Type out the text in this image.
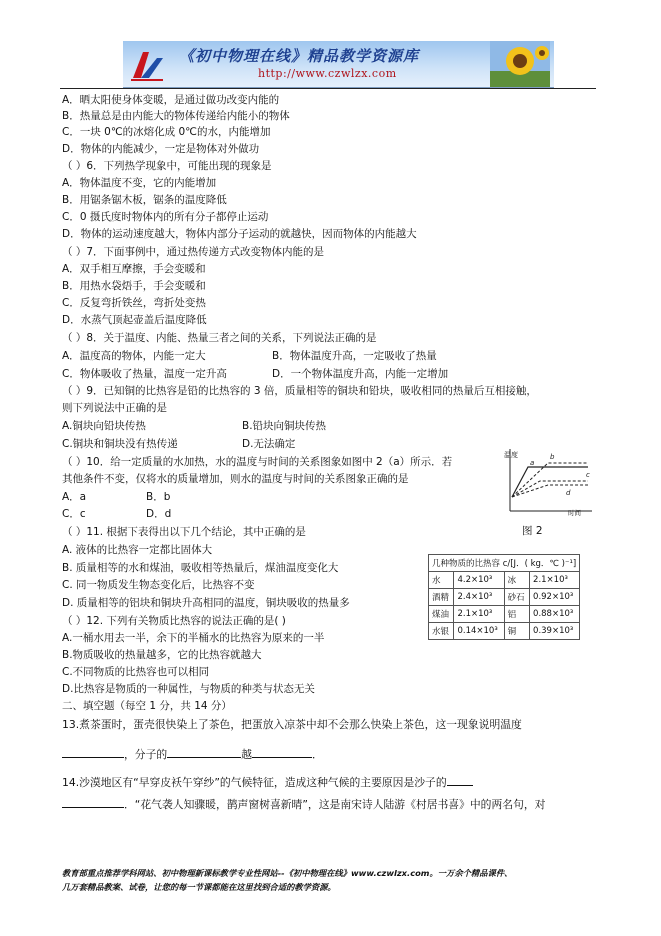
《初中物理在线》精品教学资源库
http://www.czwlzx.com
A．晒太阳使身体变暖，是通过做功改变内能的
B．热量总是由内能大的物体传递给内能小的物体
C．一块 0℃的冰熔化成 0℃的水，内能增加
D．物体的内能减少，一定是物体对外做功
（ ）6．下列热学现象中，可能出现的现象是
A．物体温度不变，它的内能增加
B．用锯条锯木板，锯条的温度降低
C．0 摄氏度时物体内的所有分子都停止运动
D．物体的运动速度越大，物体内部分子运动的就越快，因而物体的内能越大
（ ）7．下面事例中，通过热传递方式改变物体内能的是
A．双手相互摩擦，手会变暖和
B．用热水袋焐手，手会变暖和
C．反复弯折铁丝，弯折处变热
D．水蒸气顶起壶盖后温度降低
（ ）8．关于温度、内能、热量三者之间的关系，下列说法正确的是
A．温度高的物体，内能一定大	B．物体温度升高，一定吸收了热量
C．物体吸收了热量，温度一定升高	D．一个物体温度升高，内能一定增加
（ ）9．已知铜的比热容是铅的比热容的 3 倍，质量相等的铜块和铅块，吸收相同的热量后互相接触，
则下列说法中正确的是
A.铜块向铅块传热	B.铅块向铜块传热
C.铜块和铜块没有热传递	D.无法确定
（ ）10．给一定质量的水加热，水的温度与时间的关系图象如图中 2（a）所示．若
其他条件不变，仅将水的质量增加，则水的温度与时间的关系图象正确的是
A．a	B．b
C．c	D．d
（ ）11. 根据下表得出以下几个结论，其中正确的是
A. 液体的比热容一定都比固体大
B. 质量相等的水和煤油，吸收相等热量后，煤油温度变化大
C. 同一物质发生物态变化后，比热容不变
D. 质量相等的铝块和铜块升高相同的温度，铜块吸收的热量多
（ ）12. 下列有关物质比热容的说法正确的是( )
A.一桶水用去一半，余下的半桶水的比热容为原来的一半
B.物质吸收的热量越多，它的比热容就越大
C.不同物质的比热容也可以相同
D.比热容是物质的一种属性，与物质的种类与状态无关
二、填空题（每空 1 分，共 14 分）
13.煮茶蛋时，蛋壳很快染上了茶色，把蛋放入凉茶中却不会那么快染上茶色，这一现象说明温度
，分子的	越	．
14.沙漠地区有“早穿皮袄午穿纱”的气候特征，造成这种气候的主要原因是沙子的
．“花气袭人知骤暖，鹊声窗树喜新晴”，这是南宋诗人陆游《村居书喜》中的两名句，对
温度
时间
a
b
c
d
图 2
几种物质的比热容 c/[J．( kg．℃ )⁻¹]			
水	4.2×10³	冰	2.1×10³
酒精	2.4×10³	砂石	0.92×10³
煤油	2.1×10³	铝	0.88×10³
水银	0.14×10³	铜	0.39×10³
教育部重点推荐学科网站、初中物理新课标教学专业性网站--《初中物理在线》www.czwlzx.com。一万余个精品课件、
几万套精品教案、试卷，让您的每一节课都能在这里找到合适的教学资源。
